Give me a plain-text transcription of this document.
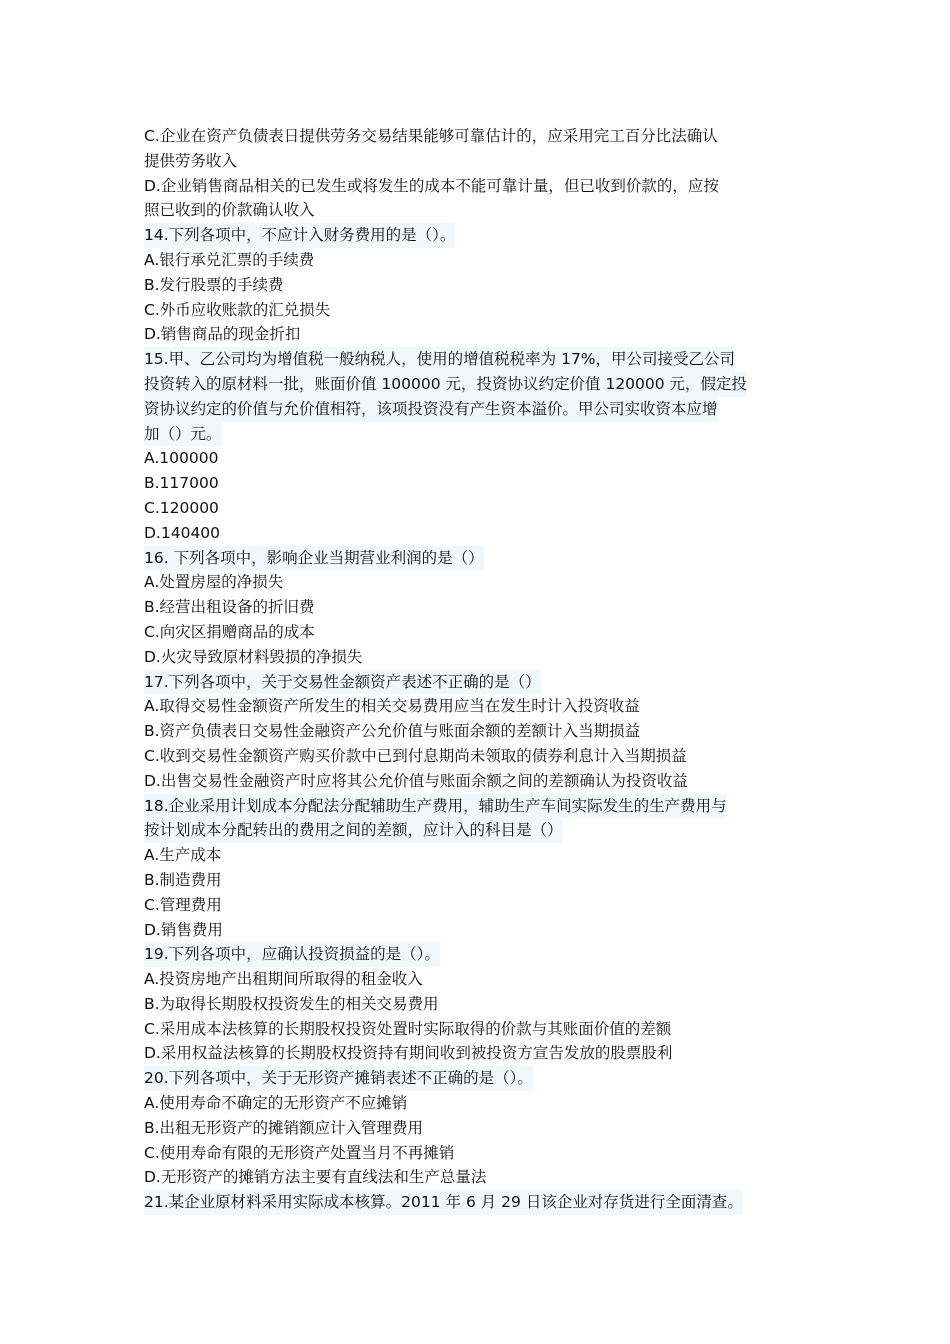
C.企业在资产负债表日提供劳务交易结果能够可靠估计的，应采用完工百分比法确认
提供劳务收入
D.企业销售商品相关的已发生或将发生的成本不能可靠计量，但已收到价款的，应按
照已收到的价款确认收入
14.下列各项中，不应计入财务费用的是（）。
A.银行承兑汇票的手续费
B.发行股票的手续费
C.外币应收账款的汇兑损失
D.销售商品的现金折扣
15.甲、乙公司均为增值税一般纳税人，使用的增值税税率为 17%，甲公司接受乙公司
投资转入的原材料一批，账面价值 100000 元，投资协议约定价值 120000 元，假定投
资协议约定的价值与允价值相符，该项投资没有产生资本溢价。甲公司实收资本应增
加（）元。
A.100000
B.117000
C.120000
D.140400
16. 下列各项中，影响企业当期营业利润的是（）
A.处置房屋的净损失
B.经营出租设备的折旧费
C.向灾区捐赠商品的成本
D.火灾导致原材料毁损的净损失
17.下列各项中，关于交易性金额资产表述不正确的是（）
A.取得交易性金额资产所发生的相关交易费用应当在发生时计入投资收益
B.资产负债表日交易性金融资产公允价值与账面余额的差额计入当期损益
C.收到交易性金额资产购买价款中已到付息期尚未领取的债券利息计入当期损益
D.出售交易性金融资产时应将其公允价值与账面余额之间的差额确认为投资收益
18.企业采用计划成本分配法分配辅助生产费用，辅助生产车间实际发生的生产费用与
按计划成本分配转出的费用之间的差额，应计入的科目是（）
A.生产成本
B.制造费用
C.管理费用
D.销售费用
19.下列各项中，应确认投资损益的是（）。
A.投资房地产出租期间所取得的租金收入
B.为取得长期股权投资发生的相关交易费用
C.采用成本法核算的长期股权投资处置时实际取得的价款与其账面价值的差额
D.采用权益法核算的长期股权投资持有期间收到被投资方宣告发放的股票股利
20.下列各项中，关于无形资产摊销表述不正确的是（）。
A.使用寿命不确定的无形资产不应摊销
B.出租无形资产的摊销额应计入管理费用
C.使用寿命有限的无形资产处置当月不再摊销
D.无形资产的摊销方法主要有直线法和生产总量法
21.某企业原材料采用实际成本核算。2011 年 6 月 29 日该企业对存货进行全面清查。
